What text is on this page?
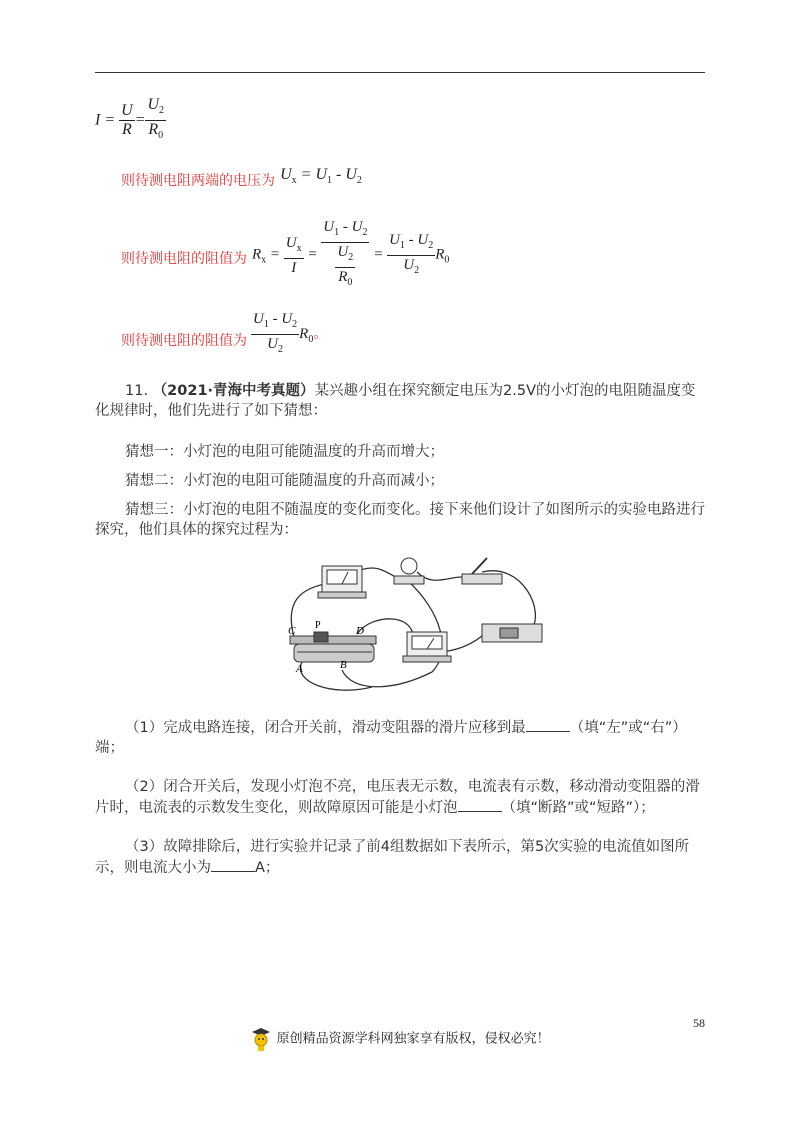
$I = \frac{U}{R} = \frac{U_2}{R_0}$
则待测电阻两端的电压为 $U_x = U_1 - U_2$
则待测电阻的阻值为 $R_x = \frac{U_x}{I} = \frac{U_1 - U_2}{\frac{U_2}{R_0}} = \frac{U_1 - U_2}{U_2} R_0$
则待测电阻的阻值为 $\frac{U_1 - U_2}{U_2} R_0$。
11. （2021·青海中考真题）某兴趣小组在探究额定电压为2.5V的小灯泡的电阻随温度变化规律时，他们先进行了如下猜想：
猜想一：小灯泡的电阻可能随温度的升高而增大；
猜想二：小灯泡的电阻可能随温度的升高而减小；
猜想三：小灯泡的电阻不随温度的变化而变化。接下来他们设计了如图所示的实验电路进行探究，他们具体的探究过程为：
C P	D
A	B
（1）完成电路连接，闭合开关前，滑动变阻器的滑片应移到最	（填“左”或“右”）端；
（2）闭合开关后，发现小灯泡不亮，电压表无示数，电流表有示数，移动滑动变阻器的滑片时，电流表的示数发生变化，则故障原因可能是小灯泡	（填“断路”或“短路”）；
（3）故障排除后，进行实验并记录了前4组数据如下表所示，第5次实验的电流值如图所示，则电流大小为	A；
58
原创精品资源学科网独家享有版权，侵权必究！
